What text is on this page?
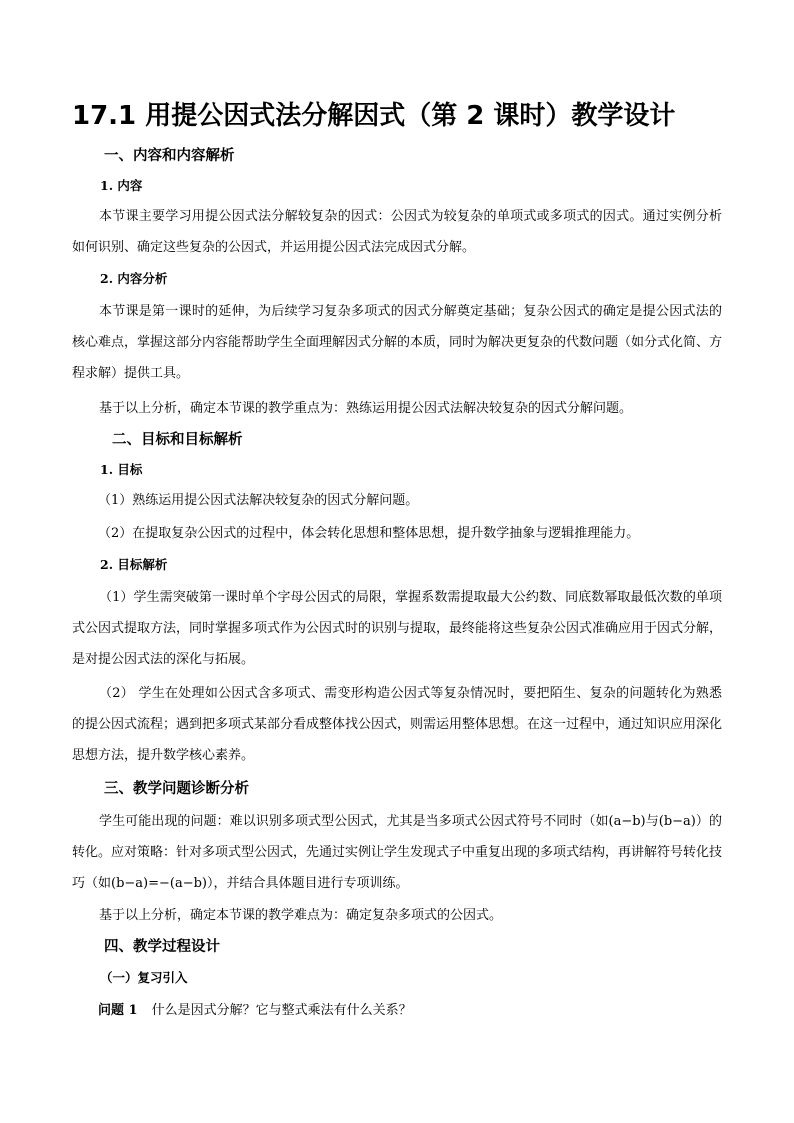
17.1 用提公因式法分解因式（第 2 课时）教学设计
一、内容和内容解析
1. 内容
本节课主要学习用提公因式法分解较复杂的因式：公因式为较复杂的单项式或多项式的因式。通过实例分析如何识别、确定这些复杂的公因式，并运用提公因式法完成因式分解。
2. 内容分析
本节课是第一课时的延伸，为后续学习复杂多项式的因式分解奠定基础；复杂公因式的确定是提公因式法的核心难点，掌握这部分内容能帮助学生全面理解因式分解的本质，同时为解决更复杂的代数问题（如分式化简、方程求解）提供工具。
基于以上分析，确定本节课的教学重点为：熟练运用提公因式法解决较复杂的因式分解问题。
二、目标和目标解析
1. 目标
（1）熟练运用提公因式法解决较复杂的因式分解问题。
（2）在提取复杂公因式的过程中，体会转化思想和整体思想，提升数学抽象与逻辑推理能力。
2. 目标解析
（1）学生需突破第一课时单个字母公因式的局限，掌握系数需提取最大公约数、同底数幂取最低次数的单项式公因式提取方法，同时掌握多项式作为公因式时的识别与提取，最终能将这些复杂公因式准确应用于因式分解，是对提公因式法的深化与拓展。
（2） 学生在处理如公因式含多项式、需变形构造公因式等复杂情况时，要把陌生、复杂的问题转化为熟悉的提公因式流程；遇到把多项式某部分看成整体找公因式，则需运用整体思想。在这一过程中，通过知识应用深化思想方法，提升数学核心素养。
三、教学问题诊断分析
学生可能出现的问题：难以识别多项式型公因式，尤其是当多项式公因式符号不同时（如(a−b)与(b−a)）的转化。应对策略：针对多项式型公因式，先通过实例让学生发现式子中重复出现的多项式结构，再讲解符号转化技巧（如(b−a)=−(a−b)），并结合具体题目进行专项训练。
基于以上分析，确定本节课的教学难点为：确定复杂多项式的公因式。
四、教学过程设计
（一）复习引入
问题 1 什么是因式分解？它与整式乘法有什么关系？
